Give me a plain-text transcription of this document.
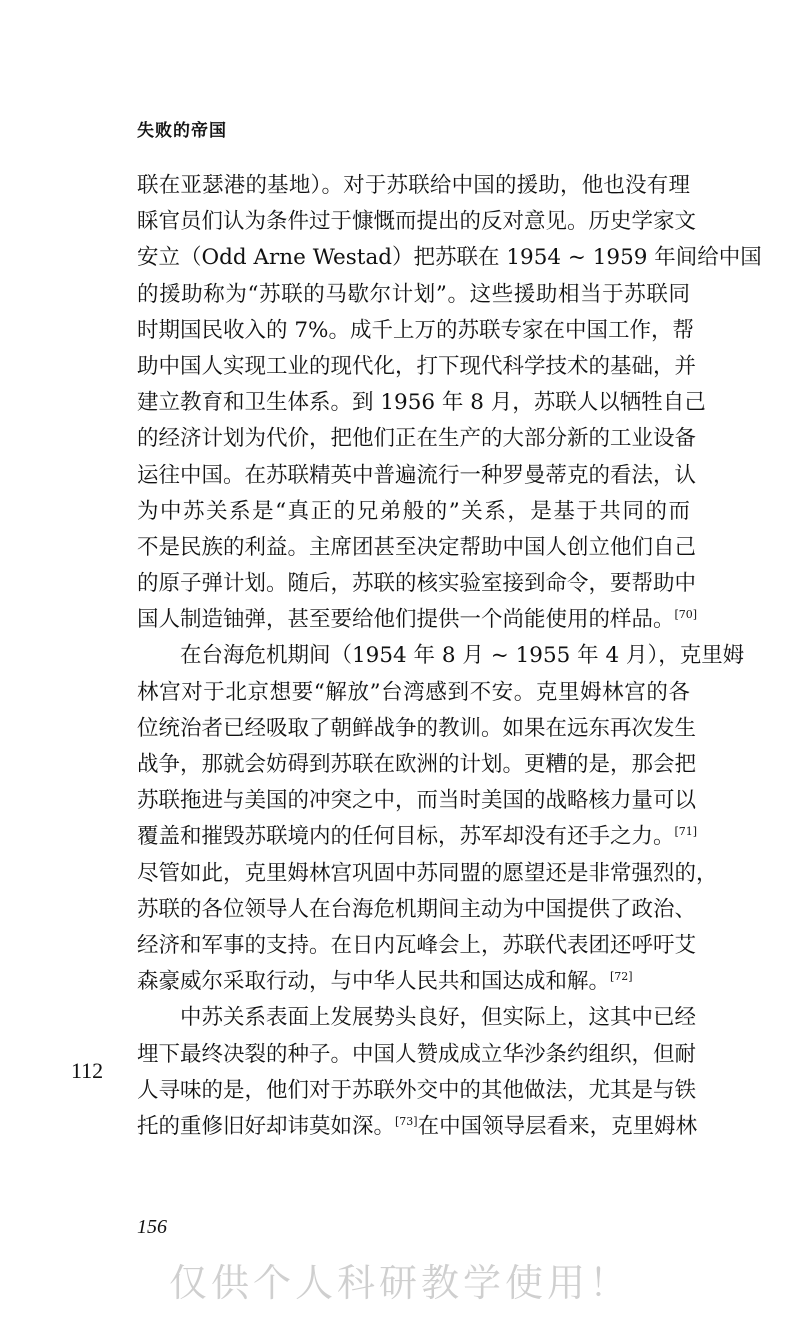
失败的帝国
联在亚瑟港的基地）。对于苏联给中国的援助，他也没有理
睬官员们认为条件过于慷慨而提出的反对意见。历史学家文
安立（Odd Arne Westad）把苏联在 1954 ~ 1959 年间给中国
的援助称为“苏联的马歇尔计划”。这些援助相当于苏联同
时期国民收入的 7%。成千上万的苏联专家在中国工作，帮
助中国人实现工业的现代化，打下现代科学技术的基础，并
建立教育和卫生体系。到 1956 年 8 月，苏联人以牺牲自己
的经济计划为代价，把他们正在生产的大部分新的工业设备
运往中国。在苏联精英中普遍流行一种罗曼蒂克的看法，认
为中苏关系是“真正的兄弟般的”关系，是基于共同的而
不是民族的利益。主席团甚至决定帮助中国人创立他们自己
的原子弹计划。随后，苏联的核实验室接到命令，要帮助中
国人制造铀弹，甚至要给他们提供一个尚能使用的样品。[70]
在台海危机期间（1954 年 8 月 ~ 1955 年 4 月），克里姆
林宫对于北京想要“解放”台湾感到不安。克里姆林宫的各
位统治者已经吸取了朝鲜战争的教训。如果在远东再次发生
战争，那就会妨碍到苏联在欧洲的计划。更糟的是，那会把
苏联拖进与美国的冲突之中，而当时美国的战略核力量可以
覆盖和摧毁苏联境内的任何目标，苏军却没有还手之力。[71]
尽管如此，克里姆林宫巩固中苏同盟的愿望还是非常强烈的，
苏联的各位领导人在台海危机期间主动为中国提供了政治、
经济和军事的支持。在日内瓦峰会上，苏联代表团还呼吁艾
森豪威尔采取行动，与中华人民共和国达成和解。[72]
中苏关系表面上发展势头良好，但实际上，这其中已经
埋下最终决裂的种子。中国人赞成成立华沙条约组织，但耐
人寻味的是，他们对于苏联外交中的其他做法，尤其是与铁
托的重修旧好却讳莫如深。[73]在中国领导层看来，克里姆林
112
156
仅供个人科研教学使用！
